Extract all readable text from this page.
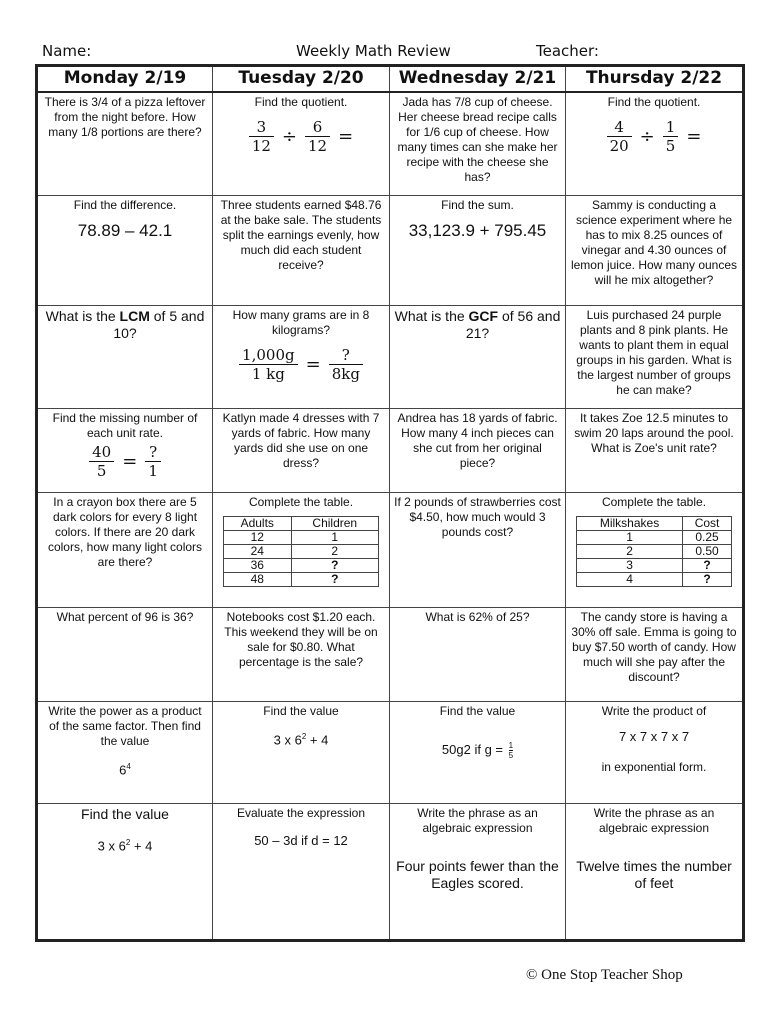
Name:	Weekly Math Review	Teacher:
Monday 2/19	Tuesday 2/20	Wednesday 2/21	Thursday 2/22

There is 3/4 of a pizza leftover from the night before. How many 1/8 portions are there?

Find the quotient.
$\frac{3}{12} \div \frac{6}{12}$ =

Jada has 7/8 cup of cheese. Her cheese bread recipe calls for 1/6 cup of cheese. How many times can she make her recipe with the cheese she has?

Find the quotient.
$\frac{4}{20} \div \frac{1}{5}$ =

Find the difference.
78.89 – 42.1

Three students earned $48.76 at the bake sale. The students split the earnings evenly, how much did each student receive?

Find the sum.
33,123.9 + 795.45

Sammy is conducting a science experiment where he has to mix 8.25 ounces of vinegar and 4.30 ounces of lemon juice. How many ounces will he mix altogether?

What is the LCM of 5 and 10?

How many grams are in 8 kilograms?
$\frac{1,000g}{1 kg} = \frac{?}{8kg}$

What is the GCF of 56 and 21?

Luis purchased 24 purple plants and 8 pink plants. He wants to plant them in equal groups in his garden. What is the largest number of groups he can make?

Find the missing number of each unit rate.
$\frac{40}{5} = \frac{?}{1}$

Katlyn made 4 dresses with 7 yards of fabric. How many yards did she use on one dress?

Andrea has 18 yards of fabric. How many 4 inch pieces can she cut from her original piece?

It takes Zoe 12.5 minutes to swim 20 laps around the pool. What is Zoe's unit rate?

In a crayon box there are 5 dark colors for every 8 light colors. If there are 20 dark colors, how many light colors are there?

Complete the table.
Adults	Children
12	1
24	2
36	?
48	?

If 2 pounds of strawberries cost $4.50, how much would 3 pounds cost?

Complete the table.
Milkshakes	Cost
1	0.25
2	0.50
3	?
4	?

What percent of 96 is 36?	Notebooks cost $1.20 each. This weekend they will be on sale for $0.80. What percentage is the sale?

What is 62% of 25?	The candy store is having a 30% off sale. Emma is going to buy $7.50 worth of candy. How much will she pay after the discount?

Write the power as a product of the same factor. Then find the value
$6^4$

Find the value
3 x $6^2 + 4$

Find the value
50g2 if $g = \frac{1}{5}$

Write the product of
7 x 7 x 7 x 7
in exponential form.

Find the value
3 x $6^2 + 4$

Evaluate the expression
50 – 3d if d = 12

Write the phrase as an algebraic expression
Four points fewer than the Eagles scored.

Write the phrase as an algebraic expression
Twelve times the number of feet
© One Stop Teacher Shop
